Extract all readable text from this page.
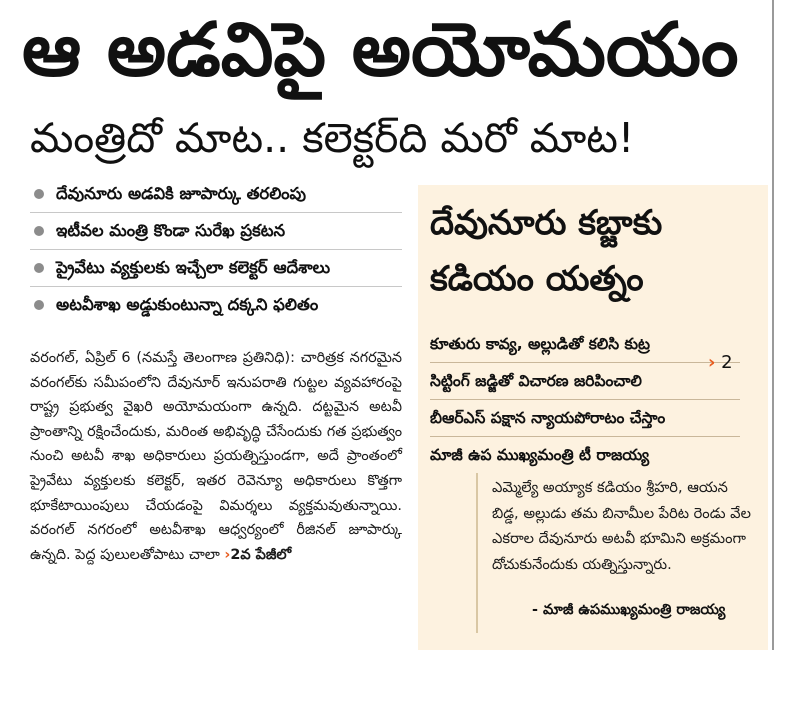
ఆ అడవిపై అయోమయం
మంత్రిదో మాట.. కలెక్టర్‌ది మరో మాట!
దేవునూరు అడవికి జూపార్కు తరలింపు
ఇటీవల మంత్రి కొండా సురేఖ ప్రకటన
ప్రైవేటు వ్యక్తులకు ఇచ్చేలా కలెక్టర్ ఆదేశాలు
అటవీశాఖ అడ్డుకుంటున్నా దక్కని ఫలితం
వరంగల్, ఏప్రిల్ 6 (నమస్తే తెలంగాణ ప్రతినిధి): చారిత్రక నగరమైన వరంగల్‌కు సమీపంలోని దేవునూర్ ఇనుపరాతి గుట్టల వ్యవహారంపై రాష్ట్ర ప్రభుత్వ వైఖరి అయోమయంగా ఉన్నది. దట్టమైన అటవీ ప్రాంతాన్ని రక్షించేందుకు, మరింత అభివృద్ధి చేసేందుకు గత ప్రభుత్వం నుంచి అటవీ శాఖ అధికారులు ప్రయత్నిస్తుండగా, అదే ప్రాంతంలో ప్రైవేటు వ్యక్తులకు కలెక్టర్, ఇతర రెవెన్యూ అధికారులు కొత్తగా భూకేటాయింపులు చేయడంపై విమర్శలు వ్యక్తమవుతున్నాయి. వరంగల్ నగరంలో అటవీశాఖ ఆధ్వర్యంలో రీజినల్ జూపార్కు ఉన్నది. పెద్ద పులులతోపాటు చాలా ›2వ పేజీలో
దేవునూరు కబ్జాకు
కడియం యత్నం
కూతురు కావ్య, అల్లుడితో కలిసి కుట్ర
సిట్టింగ్ జడ్జితో విచారణ జరిపించాలి
బీఆర్‌ఎస్ పక్షాన న్యాయపోరాటం చేస్తాం
మాజీ ఉప ముఖ్యమంత్రి టీ రాజయ్య
› 2
ఎమ్మెల్యే అయ్యాక కడియం శ్రీహరి, ఆయన బిడ్డ, అల్లుడు తమ బినామీల పేరిట రెండు వేల ఎకరాల దేవునూరు అటవీ భూమిని అక్రమంగా దోచుకునేందుకు యత్నిస్తున్నారు.
- మాజీ ఉపముఖ్యమంత్రి రాజయ్య
